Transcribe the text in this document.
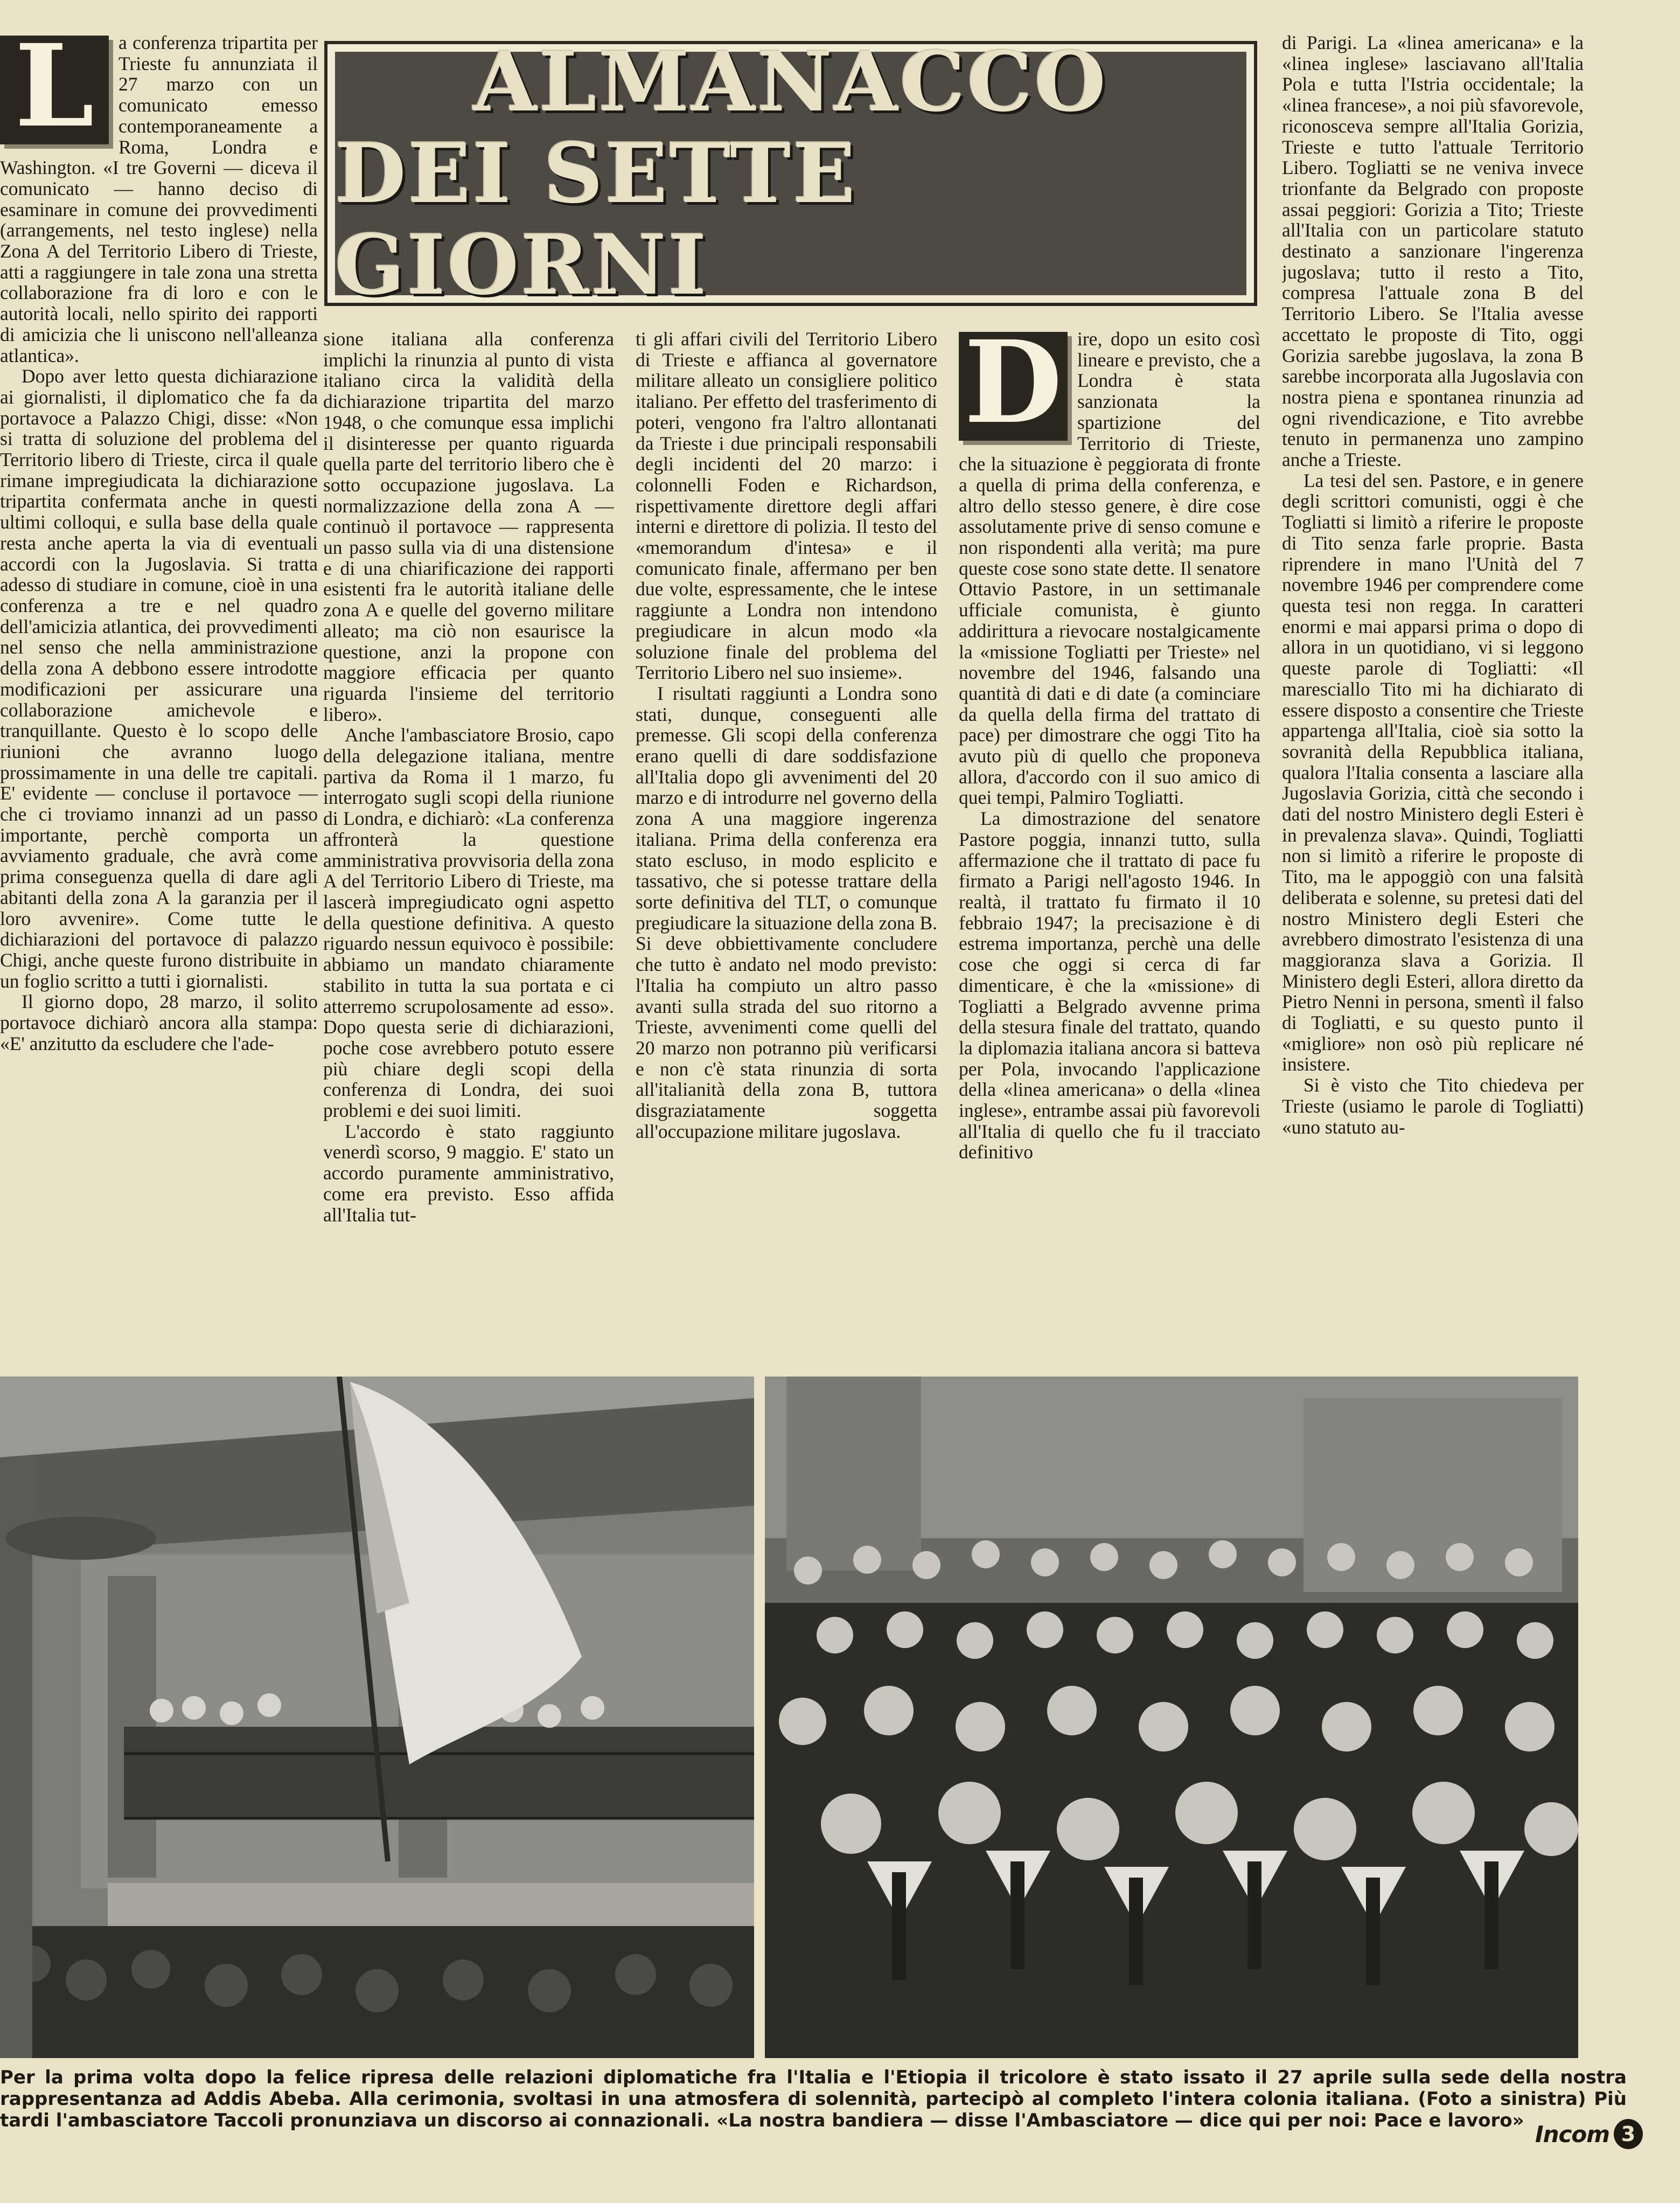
L	a conferenza tripartita per Trieste fu annunziata il 27 marzo con un comunicato emesso contemporaneamente a Roma, Londra e Washington. «I tre Governi — diceva il comunicato — hanno deciso di esaminare in comune dei provvedimenti (arrangements, nel testo inglese) nella Zona A del Territorio Libero di Trieste, atti a raggiungere in tale zona una stretta collaborazione fra di loro e con le autorità locali, nello spirito dei rapporti di amicizia che li uniscono nell'alleanza atlantica».

Dopo aver letto questa dichiarazione ai giornalisti, il diplomatico che fa da portavoce a Palazzo Chigi, disse: «Non si tratta di soluzione del problema del Territorio libero di Trieste, circa il quale rimane impregiudicata la dichiarazione tripartita confermata anche in questi ultimi colloqui, e sulla base della quale resta anche aperta la via di eventuali accordi con la Jugoslavia. Si tratta adesso di studiare in comune, cioè in una conferenza a tre e nel quadro dell'amicizia atlantica, dei provvedimenti nel senso che nella amministrazione della zona A debbono essere introdotte modificazioni per assicurare una collaborazione amichevole e tranquillante. Questo è lo scopo delle riunioni che avranno luogo prossimamente in una delle tre capitali. E' evidente — concluse il portavoce — che ci troviamo innanzi ad un passo importante, perchè comporta un avviamento graduale, che avrà come prima conseguenza quella di dare agli abitanti della zona A la garanzia per il loro avvenire». Come tutte le dichiarazioni del portavoce di palazzo Chigi, anche queste furono distribuite in un foglio scritto a tutti i giornalisti.

Il giorno dopo, 28 marzo, il solito portavoce dichiarò ancora alla stampa: «E' anzitutto da escludere che l'ade-

ALMANACCO
DEI SETTE GIORNI

sione italiana alla conferenza implichi la rinunzia al punto di vista italiano circa la validità della dichiarazione tripartita del marzo 1948, o che comunque essa implichi il disinteresse per quanto riguarda quella parte del territorio libero che è sotto occupazione jugoslava. La normalizzazione della zona A — continuò il portavoce — rappresenta un passo sulla via di una distensione e di una chiarificazione dei rapporti esistenti fra le autorità italiane delle zona A e quelle del governo militare alleato; ma ciò non esaurisce la questione, anzi la propone con maggiore efficacia per quanto riguarda l'insieme del territorio libero».

Anche l'ambasciatore Brosio, capo della delegazione italiana, mentre partiva da Roma il 1 marzo, fu interrogato sugli scopi della riunione di Londra, e dichiarò: «La conferenza affronterà la questione amministrativa provvisoria della zona A del Territorio Libero di Trieste, ma lascerà impregiudicato ogni aspetto della questione definitiva. A questo riguardo nessun equivoco è possibile: abbiamo un mandato chiaramente stabilito in tutta la sua portata e ci atterremo scrupolosamente ad esso». Dopo questa serie di dichiarazioni, poche cose avrebbero potuto essere più chiare degli scopi della conferenza di Londra, dei suoi problemi e dei suoi limiti.

L'accordo è stato raggiunto venerdì scorso, 9 maggio. E' stato un accordo puramente amministrativo, come era previsto. Esso affida all'Italia tut-

ti gli affari civili del Territorio Libero di Trieste e affianca al governatore militare alleato un consigliere politico italiano. Per effetto del trasferimento di poteri, vengono fra l'altro allontanati da Trieste i due principali responsabili degli incidenti del 20 marzo: i colonnelli Foden e Richardson, rispettivamente direttore degli affari interni e direttore di polizia. Il testo del «memorandum d'intesa» e il comunicato finale, affermano per ben due volte, espressamente, che le intese raggiunte a Londra non intendono pregiudicare in alcun modo «la soluzione finale del problema del Territorio Libero nel suo insieme».

I risultati raggiunti a Londra sono stati, dunque, conseguenti alle premesse. Gli scopi della conferenza erano quelli di dare soddisfazione all'Italia dopo gli avvenimenti del 20 marzo e di introdurre nel governo della zona A una maggiore ingerenza italiana. Prima della conferenza era stato escluso, in modo esplicito e tassativo, che si potesse trattare della sorte definitiva del TLT, o comunque pregiudicare la situazione della zona B. Si deve obbiettivamente concludere che tutto è andato nel modo previsto: l'Italia ha compiuto un altro passo avanti sulla strada del suo ritorno a Trieste, avvenimenti come quelli del 20 marzo non potranno più verificarsi e non c'è stata rinunzia di sorta all'italianità della zona B, tuttora disgraziatamente soggetta all'occupazione militare jugoslava.

D ire, dopo un esito così lineare e previsto, che a Londra è stata sanzionata la spartizione del Territorio di Trieste, che la situazione è peggiorata di fronte a quella di prima della conferenza, e altro dello stesso genere, è dire cose assolutamente prive di senso comune e non rispondenti alla verità; ma pure queste cose sono state dette. Il senatore Ottavio Pastore, in un settimanale ufficiale comunista, è giunto addirittura a rievocare nostalgicamente la «missione Togliatti per Trieste» nel novembre del 1946, falsando una quantità di dati e di date (a cominciare da quella della firma del trattato di pace) per dimostrare che oggi Tito ha avuto più di quello che proponeva allora, d'accordo con il suo amico di quei tempi, Palmiro Togliatti.

La dimostrazione del senatore Pastore poggia, innanzi tutto, sulla affermazione che il trattato di pace fu firmato a Parigi nell'agosto 1946. In realtà, il trattato fu firmato il 10 febbraio 1947; la precisazione è di estrema importanza, perchè una delle cose che oggi si cerca di far dimenticare, è che la «missione» di Togliatti a Belgrado avvenne prima della stesura finale del trattato, quando la diplomazia italiana ancora si batteva per Pola, invocando l'applicazione della «linea americana» o della «linea inglese», entrambe assai più favorevoli all'Italia di quello che fu il tracciato definitivo

di Parigi. La «linea americana» e la «linea inglese» lasciavano all'Italia Pola e tutta l'Istria occidentale; la «linea francese», a noi più sfavorevole, riconosceva sempre all'Italia Gorizia, Trieste e tutto l'attuale Territorio Libero. Togliatti se ne veniva invece trionfante da Belgrado con proposte assai peggiori: Gorizia a Tito; Trieste all'Italia con un particolare statuto destinato a sanzionare l'ingerenza jugoslava; tutto il resto a Tito, compresa l'attuale zona B del Territorio Libero. Se l'Italia avesse accettato le proposte di Tito, oggi Gorizia sarebbe jugoslava, la zona B sarebbe incorporata alla Jugoslavia con nostra piena e spontanea rinunzia ad ogni rivendicazione, e Tito avrebbe tenuto in permanenza uno zampino anche a Trieste.

La tesi del sen. Pastore, e in genere degli scrittori comunisti, oggi è che Togliatti si limitò a riferire le proposte di Tito senza farle proprie. Basta riprendere in mano l'Unità del 7 novembre 1946 per comprendere come questa tesi non regga. In caratteri enormi e mai apparsi prima o dopo di allora in un quotidiano, vi si leggono queste parole di Togliatti: «Il maresciallo Tito mi ha dichiarato di essere disposto a consentire che Trieste appartenga all'Italia, cioè sia sotto la sovranità della Repubblica italiana, qualora l'Italia consenta a lasciare alla Jugoslavia Gorizia, città che secondo i dati del nostro Ministero degli Esteri è in prevalenza slava». Quindi, Togliatti non si limitò a riferire le proposte di Tito, ma le appoggiò con una falsità deliberata e solenne, su pretesi dati del nostro Ministero degli Esteri che avrebbero dimostrato l'esistenza di una maggioranza slava a Gorizia. Il Ministero degli Esteri, allora diretto da Pietro Nenni in persona, smentì il falso di Togliatti, e su questo punto il «migliore» non osò più replicare né insistere.

Si è visto che Tito chiedeva per Trieste (usiamo le parole di Togliatti) «uno statuto au-

Per la prima volta dopo la felice ripresa delle relazioni diplomatiche fra l'Italia e l'Etiopia il tricolore è stato issato il 27 aprile sulla sede della nostra rappresentanza ad Addis Abeba. Alla cerimonia, svoltasi in una atmosfera di solennità, partecipò al completo l'intera colonia italiana. (Foto a sinistra) Più tardi l'ambasciatore Taccoli pronunziava un discorso ai connazionali. «La nostra bandiera — disse l'Ambasciatore — dice qui per noi: Pace e lavoro»
Incom 3
